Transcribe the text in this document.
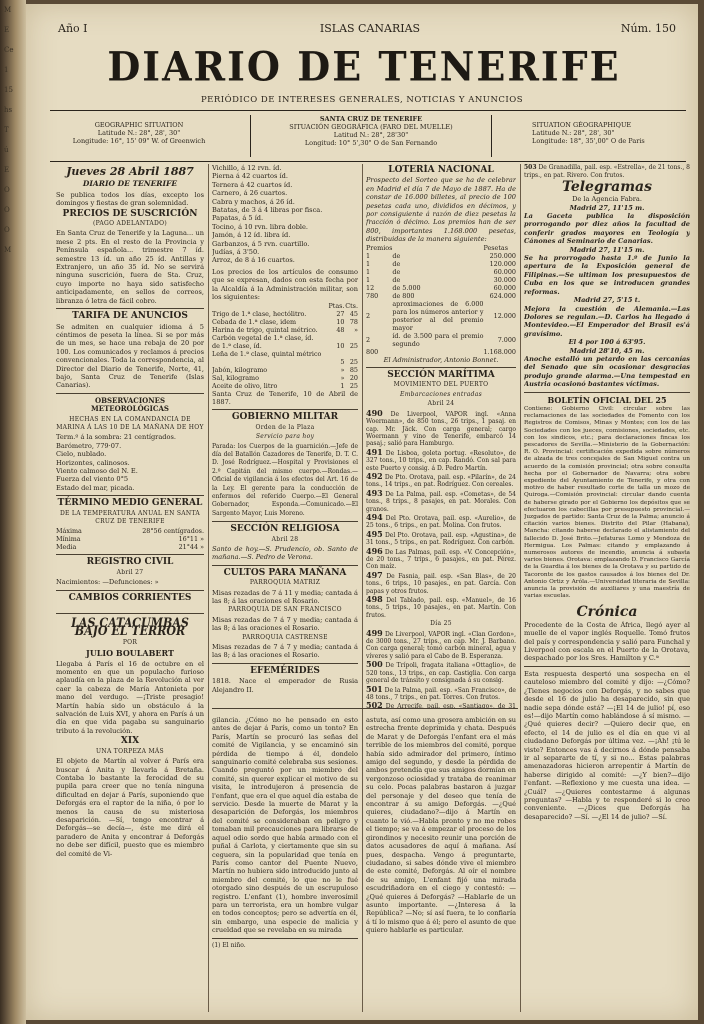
M
E
Ce
1
15
hs
T
ú
E
O
O
O
M
Año I	ISLAS CANARIAS	Núm. 150
DIARIO DE TENERIFE
PERIÓDICO DE INTERESES GENERALES, NOTICIAS Y ANUNCIOS
GEOGRAPHIC SITUATION
Latitude N.: 28°, 28', 30"
Longitude: 16°, 15' 09" W. of Greenwich
SANTA CRUZ DE TENERIFE
SITUACIÓN GEOGRÁFICA (FARO DEL MUELLE)
Latitud N.: 28°, 28'30"
Longitud: 10° 5',30" O de San Fernando
SITUATION GÉOGRAPHIQUE
Latitude N.: 28°, 28', 30"
Longitude: 18°, 35',00" O de Paris
Jueves 28 Abril 1887
DIARIO DE TENERIFE
Se publica todos los días, excepto los domingos y fiestas de gran solemnidad.
PRECIOS DE SUSCRICIÓN
(PAGO ADELANTADO)
En Santa Cruz de Tenerife y la Laguna... un mese 2 pts. En el resto de la Provincia y Península española... trimestre 7 íd. semestre 13 íd. un año 25 íd. Antillas y Extranjero, un año 35 íd. No se servirá ninguna suscrición, fuera de Sta. Cruz, cuyo importe no haya sido satisfecho anticipadamente, en sellos de correos, libranza ó letra de fácil cobro.
TARIFA DE ANUNCIOS
Se admiten en cualquier idioma á 5 céntimos de peseta la línea. Si se por más de un mes, se hace una rebaja de 20 por 100. Los comunicados y reclamos á precios convencionales. Toda la correspondencia, al Director del Diario de Tenerife, Norte, 41, bajo, Santa Cruz de Tenerife (Islas Canarias).
OBSERVACIONES METEOROLÓGICAS
HECHAS EN LA COMANDANCIA DE MARINA Á LAS 10 DE LA MAÑANA DE HOY
Term.º á la sombra: 21 centígrados.
Barómetro, 779·07.
Cielo, nublado.
Horizontes, calinosos.
Viento calmoso del N. E.
Fuerza del viento 0°5
Estado del mar, picada.
TÉRMINO MEDIO GENERAL
DE LA TEMPERATURA ANUAL EN SANTA CRUZ DE TENERIFE
Máxima	28°56 centígrados.
Mínima	16°11 »
Media	21°44 »
REGISTRO CIVIL
Abril 27
Nacimientos: —Defunciones: »
CAMBIOS CORRIENTES
Vichillo, á 12 rvn. íd.
Pierna á 42 cuartos íd.
Ternera á 42 cuartos íd.
Carnero, á 26 cuartos.
Cabra y machos, á 26 íd.
Batatas, de 3 á 4 libras por fisca.
Papatas, á 5 íd.
Tocino, á 10 rvn. libra doble.
Jamón, á 12 íd. libra íd.
Garbanzos, á 5 rvn. cuartillo.
Judías, á 3'50.
Arroz, de 8 á 16 cuartos.
Los precios de los artículos de consumo que se expresan, dados con esta fecha por la Alcaldía á la Administración militar, son los siguientes:
	Ptas.	Cts.
Trigo de 1.ª clase, hectólitro.	27	45
Cebada de 1.ª clase, idem	10	78
Harina de trigo, quintal métrico.	48	»
Carbón vegetal de 1.ª clase, íd.		
de 1.ª clase, íd.	10	25
Leña de 1.ª clase, quintal métrico		
	5	25
Jabón, kilogramo	»	85
Sal, kilogramo	»	20
Aceite de olivo, litro	1	25
Santa Cruz de Tenerife, 10 de Abril de 1887.
GOBIERNO MILITAR
Orden de la Plaza
Servicio para hoy
Parada: los Cuerpos de la guarnición.—Jefe de día del Batallón Cazadores de Tenerife, D. T. C. D. José Rodríguez.—Hospital y Provisiones el 2.º Capitán del mismo cuerpo.—Rondas.—Oficial de vigilancia á los efectos del Art. 16 de la Ley. El gerente para la conducción de enfermos del referido Cuerpo.—El General Gobernador, Esponda.—Comunicado.—El Sargento Mayor, Luis Moreno.
SECCIÓN RELIGIOSA
Abril 28
Santo de hoy.—S. Prudencio, ob. Santo de mañana.—S. Pedro de Verona.
CULTOS PARA MAÑANA
PARROQUIA MATRIZ
Misas rezadas de 7 á 11 y media; cantada á las 8; á las oraciones el Rosario.
PARROQUIA DE SAN FRANCISCO
Misas rezadas de 7 á 7 y media; cantada á las 8; á las oraciones el Rosario.
PARROQUIA CASTRENSE
Misas rezadas de 7 á 7 y media; cantada á las 8; á las oraciones el Rosario.
EFEMÉRIDES
1818. Nace el emperador de Rusia Alejandro II.
LOTERÍA NACIONAL
Prospecto del Sorteo que se ha de celebrar en Madrid el día 7 de Mayo de 1887. Ha de constar de 16.000 billetes, al precio de 100 pesetas cada uno, divididos en décimos, y por consiguiente á razón de diez pesetas la fracción ó décimo. Los premios han de ser 800, importantes 1.168.000 pesetas, distribuidas de la manera siguiente:
Premios		Pesetas
1	de	250.000
1	de	120.000
1	de	60.000
1	de	30.000
12	de 5.000	60.000
780	de 800	624.000
2	aproximaciones de 6.000 para los números anterior y posterior al del premio mayor	12.000
2	íd. de 3.500 para el premio segundo	7.000
800		1.168.000
El Administrador, Antonio Bonnet.
SECCIÓN MARÍTIMA
MOVIMIENTO DEL PUERTO
Embarcaciones entradas
Abril 24
490 De Liverpool, VAPOR ingl. «Anna Woermann», de 850 tons., 26 trips., 1 pasaj. en cap. Mr. Jäck. Con carga general; cargo Woermann y vino de Tenerife, embarcó 14 pasaj.; salió para Hamburgo.
491 De Lisboa, goleta portug. «Resoluto», de 327 tons., 10 trips., en cap. Randó. Con sal para este Puerto y consig. á D. Pedro Martín.
492 De Pto. Orotava, pail. esp. «Pilarín», de 24 tons., 14 trips., en pat. Rodríguez. Con cereales.
493 De La Palma, pail. esp. «Cometas», de 54 tons., 8 trips., 8 pasajes, en pat. Morales. Con granos.
494 Del Pto. Orotava, pail. esp. «Aurelio», de 25 tons., 6 trips., en pat. Molina. Con frutos.
495 Del Pto. Orotava, pail. esp. «Agustina», de 31 tons., 5 trips., en pat. Rodríguez. Con carbón.
496 De Las Palmas, pail. esp. «V. Concepción», de 20 tons., 7 trips., 6 pasajes., en pat. Pérez. Con maíz.
497 De Fasnia, pail. esp. «San Blas», de 20 tons., 6 trips., 10 pasajes., en pat. García. Con papas y otros frutos.
498 Del Tablado, pail. esp. «Manuel», de 16 tons., 5 trips., 10 pasajes., en pat. Martín. Con frutos.
Día 25
499 De Liverpool, VAPOR ingl. «Clan Gordon», de 3000 tons., 27 trips., en cap. Mr. J. Barbano. Con carga general; tomó carbón mineral, agua y víveres y salió para el Cabo de B. Esperanza.
500 De Trípoli, fragata italiana «Ottaglio», de 520 tons., 13 trips., en cap. Castiglia. Con carga general de tránsito y consignada á su consig.
501 De la Palma, pail. esp. «San Francisco», de 48 tons., 7 trips., en pat. Torres. Con frutos.
502 De Arrecife, pail. esp. «Santiago», de 31
503 De Granadilla, pail. esp. «Estrella», de 21 tons., 8 trips., en pat. Rivero. Con frutos.
Telegramas
De la Agencia Fabra.
Madrid 27, 11'15 m.
La Gaceta publica la disposición prorrogando por diez años la facultad de conferir grados mayores en Teología y Cánones al Seminario de Canarias.
Madrid 27, 11'15 m.
Se ha prorrogado hasta 1.º de Junio la apertura de la Exposición general de Filipinas.—Se ultiman los presupuestos de Cuba en los que se introducen grandes reformas.
Madrid 27, 5'15 t.
Mejora la cuestión de Alemania.—Las Dolores se regulan.—D. Carlos ha llegado á Montevideo.—El Emperador del Brasil es'á gravísimo.
El 4 por 100 á 63'95.
Madrid 28'10, 45 m.
Anoche estalló un petardo en las cercanías del Senado que sin ocasionar desgracias produjo grande alarma.—Una tempestad en Austria ocasionó bastantes víctimas.
BOLETÍN OFICIAL DEL 25
Contiene: Gobierno Civil: circular sobre las reclamaciones de las sociedades de Fomento con los Registros de Comisos, Minas y Montes; con los de las Sociedades con los jueces, comisiones, sociedades, etc. con los sindicos, etc.; para declaraciones fincas los pescadores de Sevilla.—Ministerio de la Gobernación: R. O. Provincial: certificación expedida sobre números de alzada de tres concejales de San Miguel contra un acuerdo de la comisión provincial; otra sobre consulta hecha por el Gobernador de Navarra; otra sobre expediente del Ayuntamiento de Tenerife, y otra con motivo de haber resultado corte de talla un mozo de Quiroga.—Comisión provincial: circular dando cuenta de haberse girado por el Gobierno los depósitos que se efectuaron los cabecillas por presupuesto provincial.—Juzgados de partido: Santa Cruz de la Palma; anuncio á citación varios bienes. Distrito del Pilar (Habana), Mancha: citando haberse declarado el alistamiento del fallecido D. José Brito.—Jefaturas Lomo y Mendoza de Hermigua. Los Palmas: citando y emplazando á numerosos autores de incendio, anuncia á subasta varios bienes. Orotava: emplazando D. Francisco García de la Guardia á los bienes de la Orotava y su partido de Tacoronte de los gastos causados á los bienes del Dr. Antonio Ortiz y Aróla.—Universidad literaria de Sevilla: anuncia la provisión de auxiliares y una maestría de varias escuelas.
Crónica
Procedente de la Costa de África, llegó ayer al muelle de el vapor inglés Roquelle. Tomó frutos del país y correspondencia y salió para Funchal y Liverpool con escala en el Puerto de la Orotava, despachado por los Sres. Hamilton y C.ª
Esta respuesta despertó una sospecha en el cauteloso miembro del comité y dijo: —¿Cómo? ¿Tienes negocios con Deforgás, y no sabes que desde el 16 de julio ha desaparecido, sin que nadie sepa dónde está? —¡El 14 de julio! pí, eso es!—dijo Martín como hablándose á sí mismo. —¿Qué quieres decir? —Quiero decir que, en efecto, el 14 de julio es el día en que vi al ciudadano Deforgás por última vez. —¡Ah! ¡tú le viste? Entonces vas á decirnos á dónde pensaba ir al separarte de tí, y si no... Estas palabras amenazadoras hicieron arrepentir á Martín de haberse dirigido al comité: —¿Y bien?—dijo l'enfant. —Reflexiono y me cuesta una idea. —¿Cuál? —¿Quieres contestarme á algunas preguntas? —Habla y te responderé si lo creo conveniente. —¿Dices que Deforgás ha desaparecido? —Sí. —¿El 14 de julio? —Sí.
LAS CATACUMBAS BAJO EL TERROR
POR
JULIO BOULABERT
Llegaba á París el 16 de octubre en el momento en que un populacho furioso aplaudía en la plaza de la Revolución al ver caer la cabeza de María Antonieta por mano del verdugo. —¡Triste presagio! Martín había sido un obstáculo á la salvación de Luis XVI, y ahora en París á un día en que vida pagaba su sanguinario tributo á la revolución.
XIX
UNA TORPEZA MÁS
El objeto de Martín al volver á París era buscar á Anita y llevarla á Bretaña. Contaba lo bastante la ferocidad de su pupila para creer que no tenía ninguna dificultad en dejar á París, suponiendo que Deforgás era el raptor de la niña, ó por lo menos la causa de su misteriosa desaparición. —Sí, tengo encontrar á Deforgás—se decía—, éste me dirá el paradero de Anita y encontrar á Deforgás no debe ser difícil, puesto que es miembro del comité de Vi-
gilancia. ¿Cómo no he pensado en esto antes de dejar á París, como un tonto? En París, Martín se procuró las señas del comité de Vigilancia, y se encaminó sin pérdida de tiempo á él, dondelo sanguinario comité celebraba sus sesiones. Cuando preguntó por un miembro del comité, sin querer explicar el motivo de su visita, le introdujeron á presencia de l'enfant, que era el que aquel día estaba de servicio. Desde la muerte de Marat y la desaparición de Deforgás, los miembros del comité se consideraban en peligro y tomaban mil precauciones para librarse de aquel odio sordo que había armado con el puñal á Carlota, y ciertamente que sin su ceguera, sin la popularidad que tenía en París como cantor del Puente Nuevo, Martín no hubiera sido introducido junto al miembro del comité, lo que no le fué otorgado sino después de un escrupuloso registro. L'enfant (1), hombre inverosímil para un terrorista, era un hombre vulgar en todos conceptos; pero se advertía en él, sin embargo, una especie de malicia y crueldad que se revelaba en su mirada
(1) El niño.
astuta, así como una grosera ambición en su estrecha frente deprimida y chata. Después de Marat y de Deforgás l'enfant era el más terrible de los miembros del comité, porque había sido admirador del primero, íntimo amigo del segundo, y desde la pérdida de ambos pretendía que sus amigos dormían en vergonzoso ociosidad y trataba de reanimar su celo. Pocas palabras bastaron á juzgar del personaje y del deseo que tenía de encontrar á su amigo Deforgás. —¿Qué quieres, ciudadano?—dijo á Martín en cuanto le vió.—Habla pronto y no me robes el tiempo; se va á empezar el proceso de los girondinos y necesito reunir una porción de datos acusadores de aquí á mañana. Así pues, despacha. Vengo á preguntarte, ciudadano, si sabes dónde vive el miembro de este comité, Deforgás. Al oír el nombre de su amigo, L'enfant fijó una mirada escudriñadora en el ciego y contestó: —¿Qué quieres á Deforgás? —Hablarle de un asunto importante. —¿Interesa á la República? —No; sí así fuera, te lo confiaría á tí lo mismo que á él; pero el asunto de que quiero hablarle es particular.
